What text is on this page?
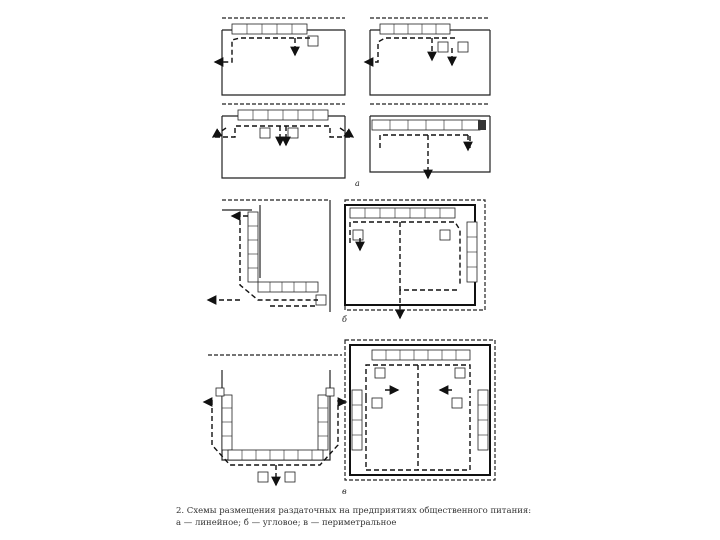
а
б
в
2. Схемы размещения раздаточных на предприятиях общественного питания:
а — линейное; б — угловое; в — периметральное
